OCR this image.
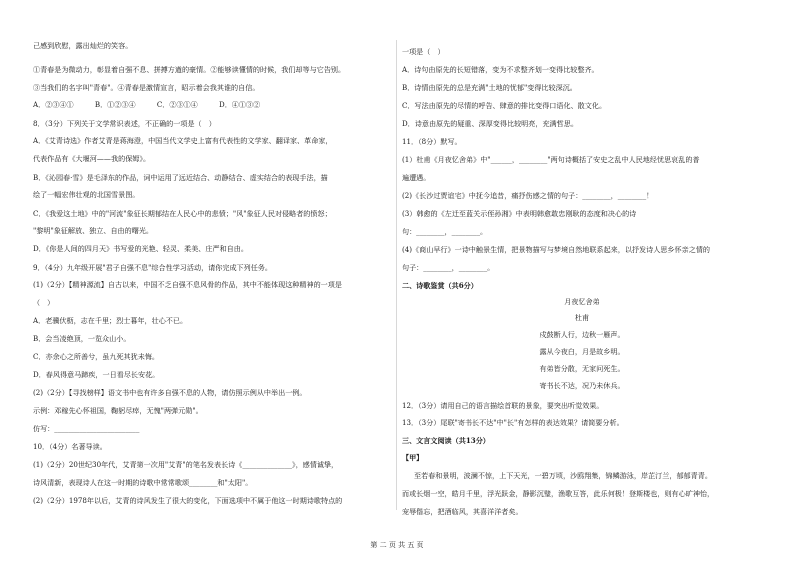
己感到欣慰，露出灿烂的笑容。
①青春是为微动力，彰显着自强不息、拼搏方遒的豪情。②能够读懂情的时候，我们却等与它告别。
③当我们的名字叫"青春"。④青春是激情宣言，昭示着会我其谁的自信。
A．②③④①　　　B．①②③④　　　C．②③①④　　　D．④①③②
8．（3分）下列关于文学常识表述，不正确的一项是（　）
A．《艾青诗选》作者艾青是蒋海澄，中国当代文学史上富有代表性的文学家、翻译家、革命家，
代表作品有《大堰河——我的保姆》。
B．《沁园春·雪》是毛泽东的作品，词中运用了远近结合、动静结合、虚实结合的表现手法，描
绘了一幅宏伟壮观的北国雪景图。
C．《我爱这土地》中的"河流"象征长期郁结在人民心中的悲愤；"风"象征人民对侵略者的愤怒；
"黎明"象征解放、独立、自由的曙光。
D．《你是人间的四月天》书写爱的光艳、轻灵、柔美、庄严和自由。
9．（4分）九年级开展"君子自强不息"综合性学习活动，请你完成下列任务。
(1)（2分）【精神源流】自古以来，中国不乏自强不息风骨的作品，其中不能体现这种精神的一项是
（　）
A．老骥伏枥，志在千里；烈士暮年，壮心不已。
B．会当凌绝顶，一览众山小。
C．亦余心之所善兮，虽九死其犹未悔。
D．春风得意马蹄疾，一日看尽长安花。
(2)（2分）【寻找榜样】语文书中也有许多自强不息的人物，请仿照示例从中举出一例。
示例：邓稼先心怀祖国，鞠躬尽瘁，无愧"两弹元勋"。
仿写：________________________
10．（4分）名著导读。
(1)（2分）20世纪30年代，艾青第一次用"艾青"的笔名发表长诗《______________》，感情诚挚，
诗风清新，表现诗人在这一时期的诗歌中常常歌颂________和"太阳"。
(2)（2分）1978年以后，艾青的诗风发生了很大的变化，下面选项中不属于他这一时期诗歌特点的
一项是（　）
A．诗句由原先的长短错落，变为不求整齐划一变得比较整齐。
B．诗情由原先的总是充满"土地的忧郁"变得比较深沉。
C．写法由原先的尽情的呼告、肆意的排比变得口语化、散文化。
D．诗意由原先的疑重、深厚变得比较明亮，充满哲思。
11．（8分）默写。
(1）杜甫《月夜忆舍弟》中"______，________"两句诗概括了安史之乱中人民地经忧思哀乱的普
遍遭遇。
(2)《长沙过贾谊宅》中抚今追昔，痛抒伤感之情的句子：________，________！
(3）韩愈的《左迁至蓝关示侄孙湘》中表明韩愈敢忠刚耿的态度和决心的诗
句：________，________。
(4)《商山早行》一诗中触景生情，把景物描写与梦境自然地联系起来，以抒发诗人思乡怀亲之情的
句子：________，________。
二、诗歌鉴赏（共6分）
月夜忆舍弟
杜甫
戍鼓断人行，边秋一雁声。
露从今夜白，月是故乡明。
有弟皆分散，无家问死生。
寄书长不达，况乃未休兵。
12．（3分）请用自己的语言描绘首联的景象，要突出听觉效果。
13．（3分）尾联"寄书长不达"中"长"有怎样的表达效果？请简要分析。
三、文言文阅读（共13分）
【甲】
至若春和景明，波澜不惊，上下天光，一碧万顷，沙鸥翔集，锦鳞游泳，岸芷汀兰，郁郁青青。
而或长烟一空，皓月千里，浮光跃金，静影沉璧，渔歌互答，此乐何极！登斯楼也，则有心旷神怡，
宠辱偕忘，把酒临风，其喜洋洋者矣。
第 二 页 共 五 页
